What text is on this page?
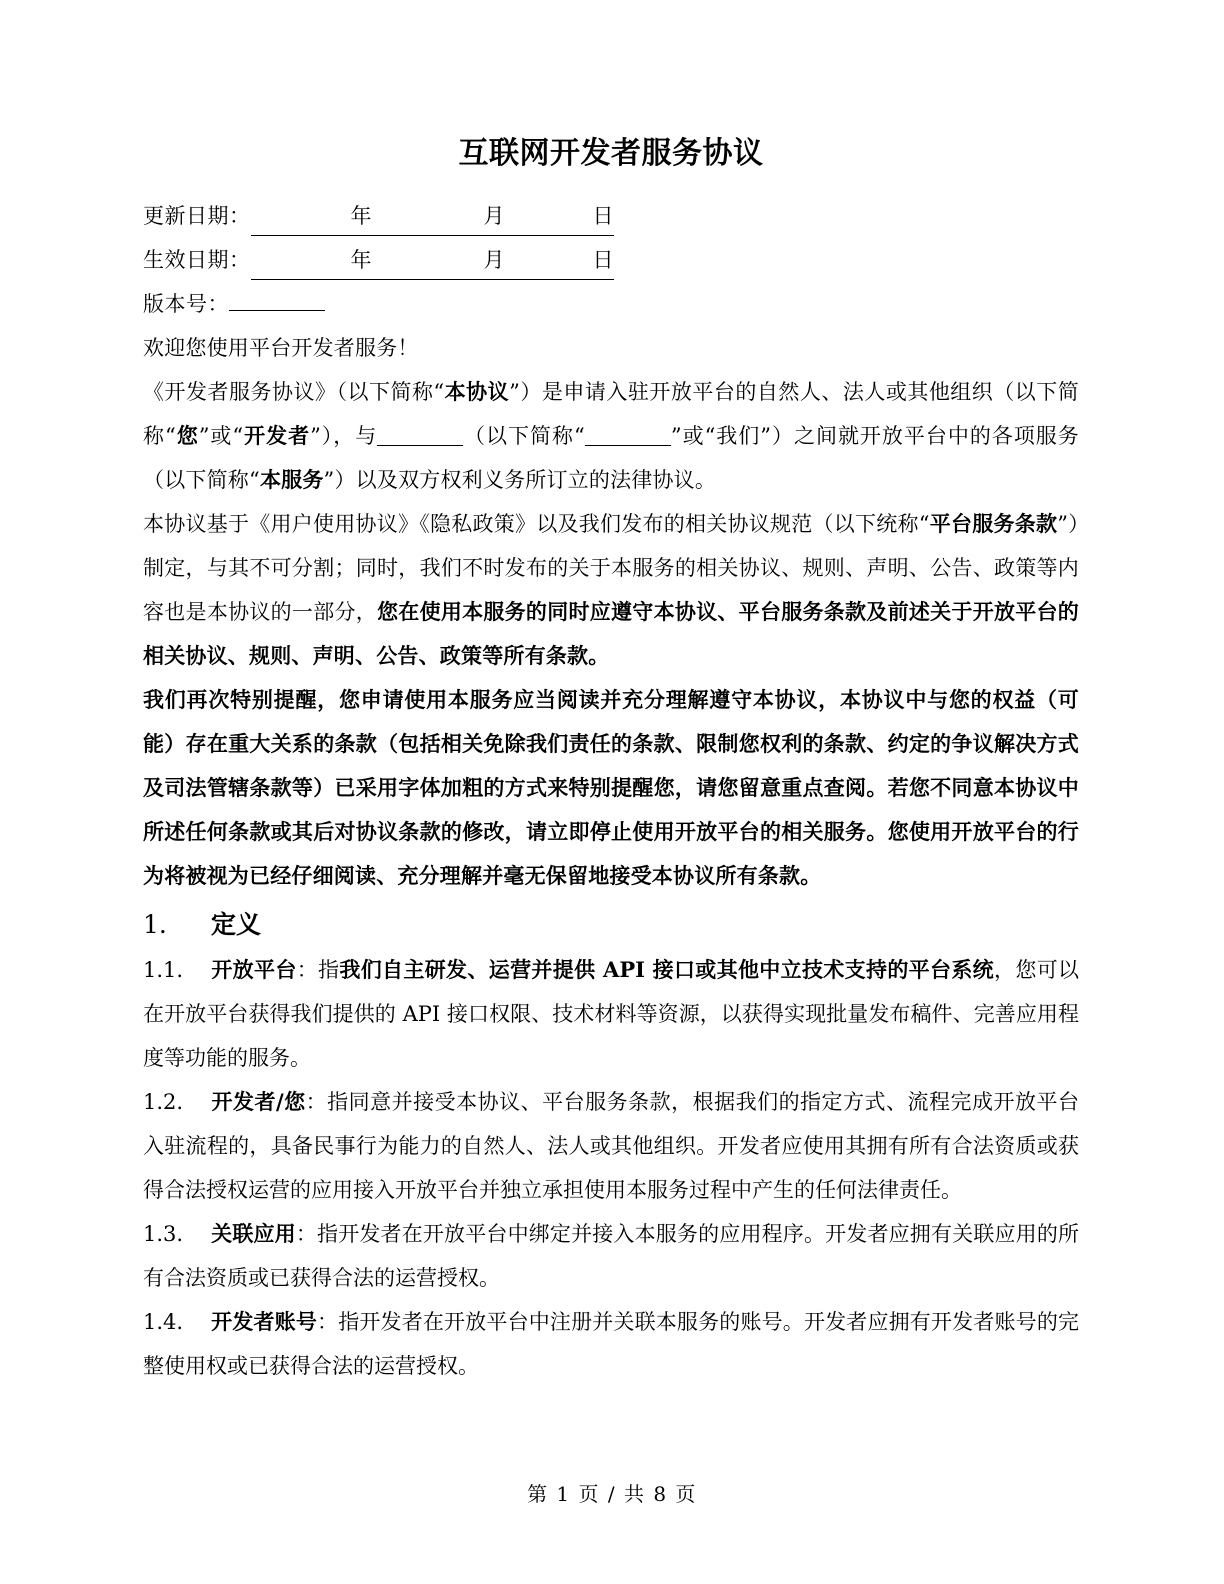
互联网开发者服务协议
更新日期：	年	月	日
生效日期：	年	月	日
版本号：

欢迎您使用平台开发者服务！

《开发者服务协议》（以下简称“本协议”）是申请入驻开放平台的自然人、法人或其他组织（以下简称“您”或“开发者”），与	（以下简称“	”或“我们”）之间就开放平台中的各项服务（以下简称“本服务”）以及双方权利义务所订立的法律协议。

本协议基于《用户使用协议》《隐私政策》以及我们发布的相关协议规范（以下统称“平台服务条款”）制定，与其不可分割；同时，我们不时发布的关于本服务的相关协议、规则、声明、公告、政策等内容也是本协议的一部分，您在使用本服务的同时应遵守本协议、平台服务条款及前述关于开放平台的相关协议、规则、声明、公告、政策等所有条款。

我们再次特别提醒，您申请使用本服务应当阅读并充分理解遵守本协议，本协议中与您的权益（可能）存在重大关系的条款（包括相关免除我们责任的条款、限制您权利的条款、约定的争议解决方式及司法管辖条款等）已采用字体加粗的方式来特别提醒您，请您留意重点查阅。若您不同意本协议中所述任何条款或其后对协议条款的修改，请立即停止使用开放平台的相关服务。您使用开放平台的行为将被视为已经仔细阅读、充分理解并毫无保留地接受本协议所有条款。

1. 定义

1.1. 开放平台：指我们自主研发、运营并提供 API 接口或其他中立技术支持的平台系统，您可以在开放平台获得我们提供的 API 接口权限、技术材料等资源，以获得实现批量发布稿件、完善应用程度等功能的服务。

1.2. 开发者/您：指同意并接受本协议、平台服务条款，根据我们的指定方式、流程完成开放平台入驻流程的，具备民事行为能力的自然人、法人或其他组织。开发者应使用其拥有所有合法资质或获得合法授权运营的应用接入开放平台并独立承担使用本服务过程中产生的任何法律责任。

1.3. 关联应用：指开发者在开放平台中绑定并接入本服务的应用程序。开发者应拥有关联应用的所有合法资质或已获得合法的运营授权。

1.4. 开发者账号：指开发者在开放平台中注册并关联本服务的账号。开发者应拥有开发者账号的完整使用权或已获得合法的运营授权。

第 1 页 / 共 8 页
